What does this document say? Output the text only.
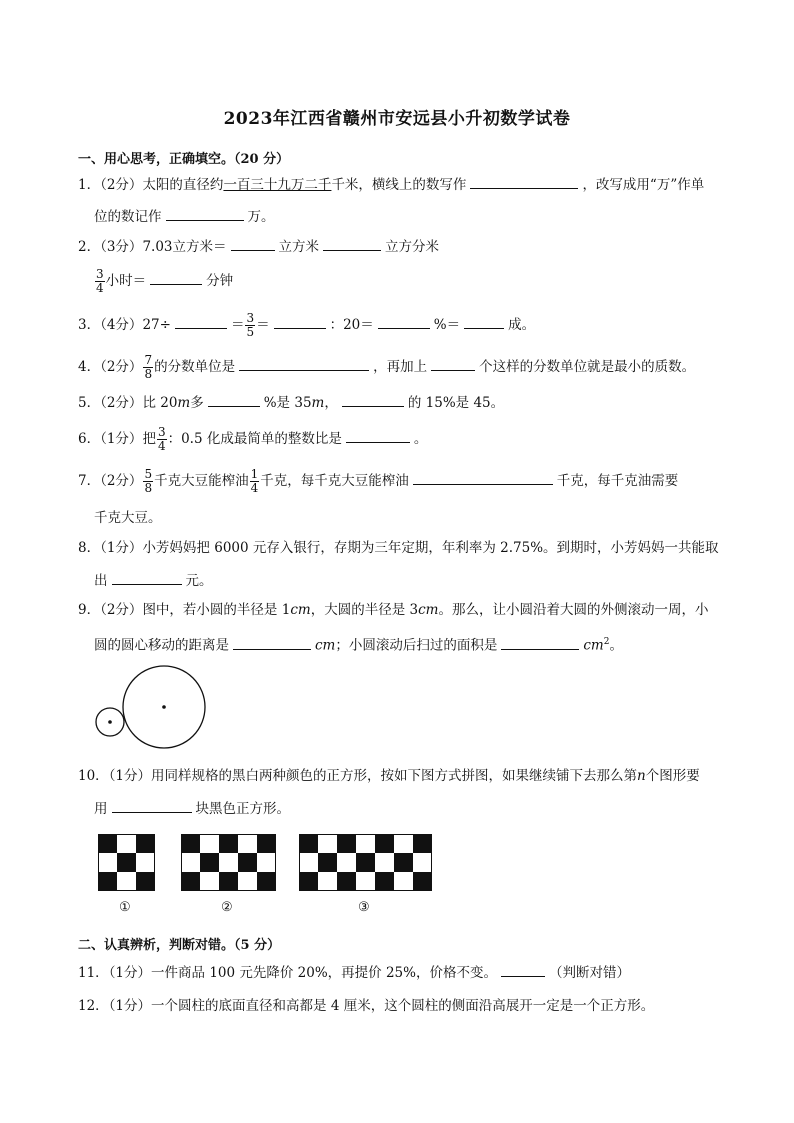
2023年江西省赣州市安远县小升初数学试卷
一、用心思考，正确填空。（20 分）
1．（2分）太阳的直径约一百三十九万二千千米，横线上的数写作	，改写成用“万”作单
位的数记作	万。
2．（3分）7.03立方米＝	立方米	立方分米
$\frac{3}{4}$ 小时＝	分钟
3．（4分）27÷	＝ $\frac{3}{5}$ ＝	：20＝	%＝	成。
4．（2分） $\frac{7}{8}$ 的分数单位是	，再加上	个这样的分数单位就是最小的质数。
5．（2分）比 20m多	%是 35m，	的 15%是 45。
6．（1分）把 $\frac{3}{4}$ ：0.5 化成最简单的整数比是	。
7．（2分） $\frac{5}{8}$ 千克大豆能榨油 $\frac{1}{4}$ 千克，每千克大豆能榨油	千克，每千克油需要
千克大豆。
8．（1分）小芳妈妈把 6000 元存入银行，存期为三年定期，年利率为 2.75%。到期时，小芳妈妈一共能取
出	元。
9．（2分）图中，若小圆的半径是 1cm，大圆的半径是 3cm。那么，让小圆沿着大圆的外侧滚动一周，小
圆的圆心移动的距离是	cm；小圆滚动后扫过的面积是	$cm^2$。
10．（1分）用同样规格的黑白两种颜色的正方形，按如下图方式拼图，如果继续铺下去那么第n个图形要
用	块黑色正方形。
①	②	③
二、认真辨析，判断对错。（5 分）
11．（1分）一件商品 100 元先降价 20%，再提价 25%，价格不变。	（判断对错）
12．（1分）一个圆柱的底面直径和高都是 4 厘米，这个圆柱的侧面沿高展开一定是一个正方形。
